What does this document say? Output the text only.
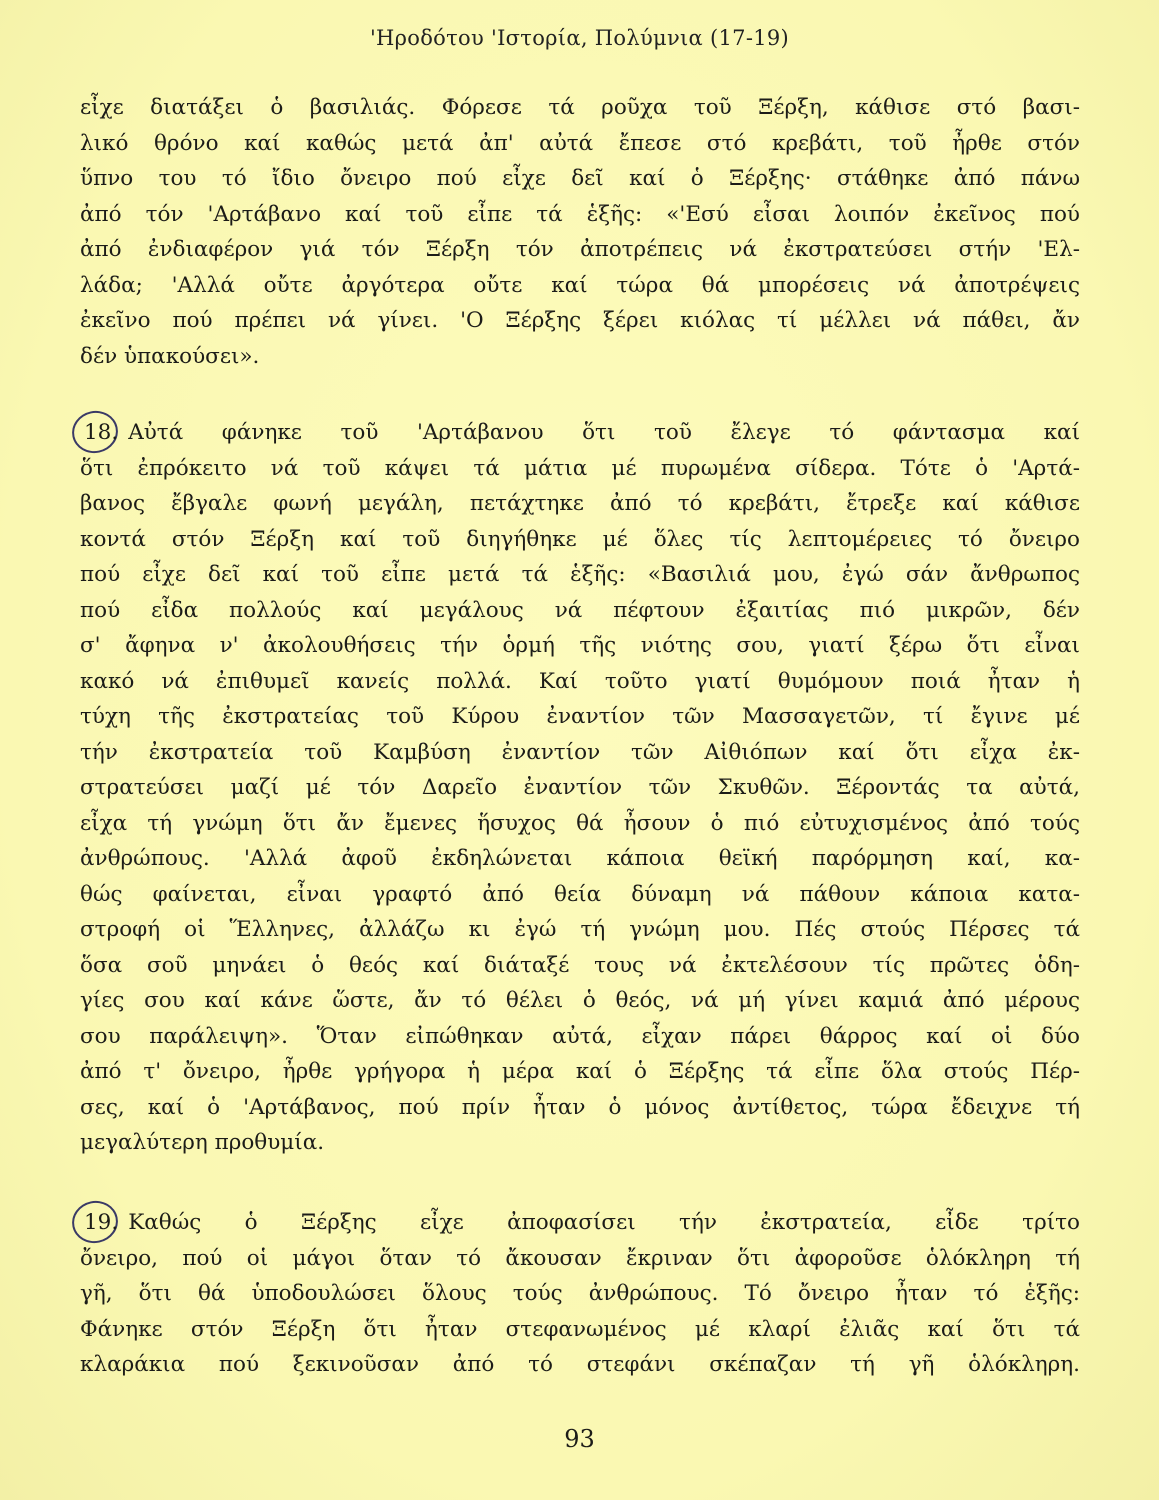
'Ηροδότου 'Ιστορία, Πολύμνια (17-19)
εἶχε διατάξει ὁ βασιλιάς. Φόρεσε τά ροῦχα τοῦ Ξέρξη, κάθισε στό βασι-
λικό θρόνο καί καθώς μετά ἀπ' αὐτά ἔπεσε στό κρεβάτι, τοῦ ἦρθε στόν
ὕπνο του τό ἴδιο ὄνειρο πού εἶχε δεῖ καί ὁ Ξέρξης· στάθηκε ἀπό πάνω
ἀπό τόν 'Αρτάβανο καί τοῦ εἶπε τά ἑξῆς: «'Εσύ εἶσαι λοιπόν ἐκεῖνος πού
ἀπό ἐνδιαφέρον γιά τόν Ξέρξη τόν ἀποτρέπεις νά ἐκστρατεύσει στήν 'Ελ-
λάδα; 'Αλλά οὔτε ἀργότερα οὔτε καί τώρα θά μπορέσεις νά ἀποτρέψεις
ἐκεῖνο πού πρέπει νά γίνει. 'Ο Ξέρξης ξέρει κιόλας τί μέλλει νά πάθει, ἄν
δέν ὑπακούσει».
18. Αὐτά φάνηκε τοῦ 'Αρτάβανου ὅτι τοῦ ἔλεγε τό φάντασμα καί
ὅτι ἐπρόκειτο νά τοῦ κάψει τά μάτια μέ πυρωμένα σίδερα. Τότε ὁ 'Αρτά-
βανος ἔβγαλε φωνή μεγάλη, πετάχτηκε ἀπό τό κρεβάτι, ἔτρεξε καί κάθισε
κοντά στόν Ξέρξη καί τοῦ διηγήθηκε μέ ὅλες τίς λεπτομέρειες τό ὄνειρο
πού εἶχε δεῖ καί τοῦ εἶπε μετά τά ἑξῆς: «Βασιλιά μου, ἐγώ σάν ἄνθρωπος
πού εἶδα πολλούς καί μεγάλους νά πέφτουν ἐξαιτίας πιό μικρῶν, δέν
σ' ἄφηνα ν' ἀκολουθήσεις τήν ὁρμή τῆς νιότης σου, γιατί ξέρω ὅτι εἶναι
κακό νά ἐπιθυμεῖ κανείς πολλά. Καί τοῦτο γιατί θυμόμουν ποιά ἦταν ἡ
τύχη τῆς ἐκστρατείας τοῦ Κύρου ἐναντίον τῶν Μασσαγετῶν, τί ἔγινε μέ
τήν ἐκστρατεία τοῦ Καμβύση ἐναντίον τῶν Αἰθιόπων καί ὅτι εἶχα ἐκ-
στρατεύσει μαζί μέ τόν Δαρεῖο ἐναντίον τῶν Σκυθῶν. Ξέροντάς τα αὐτά,
εἶχα τή γνώμη ὅτι ἄν ἔμενες ἥσυχος θά ἦσουν ὁ πιό εὐτυχισμένος ἀπό τούς
ἀνθρώπους. 'Αλλά ἀφοῦ ἐκδηλώνεται κάποια θεϊκή παρόρμηση καί, κα-
θώς φαίνεται, εἶναι γραφτό ἀπό θεία δύναμη νά πάθουν κάποια κατα-
στροφή οἱ Ἕλληνες, ἀλλάζω κι ἐγώ τή γνώμη μου. Πές στούς Πέρσες τά
ὅσα σοῦ μηνάει ὁ θεός καί διάταξέ τους νά ἐκτελέσουν τίς πρῶτες ὁδη-
γίες σου καί κάνε ὥστε, ἄν τό θέλει ὁ θεός, νά μή γίνει καμιά ἀπό μέρους
σου παράλειψη». Ὅταν εἰπώθηκαν αὐτά, εἶχαν πάρει θάρρος καί οἱ δύο
ἀπό τ' ὄνειρο, ἦρθε γρήγορα ἡ μέρα καί ὁ Ξέρξης τά εἶπε ὅλα στούς Πέρ-
σες, καί ὁ 'Αρτάβανος, πού πρίν ἦταν ὁ μόνος ἀντίθετος, τώρα ἔδειχνε τή
μεγαλύτερη προθυμία.
19. Καθώς ὁ Ξέρξης εἶχε ἀποφασίσει τήν ἐκστρατεία, εἶδε τρίτο
ὄνειρο, πού οἱ μάγοι ὅταν τό ἄκουσαν ἔκριναν ὅτι ἀφοροῦσε ὁλόκληρη τή
γῆ, ὅτι θά ὑποδουλώσει ὅλους τούς ἀνθρώπους. Τό ὄνειρο ἦταν τό ἑξῆς:
Φάνηκε στόν Ξέρξη ὅτι ἦταν στεφανωμένος μέ κλαρί ἐλιᾶς καί ὅτι τά
κλαράκια πού ξεκινοῦσαν ἀπό τό στεφάνι σκέπαζαν τή γῆ ὁλόκληρη.
93
